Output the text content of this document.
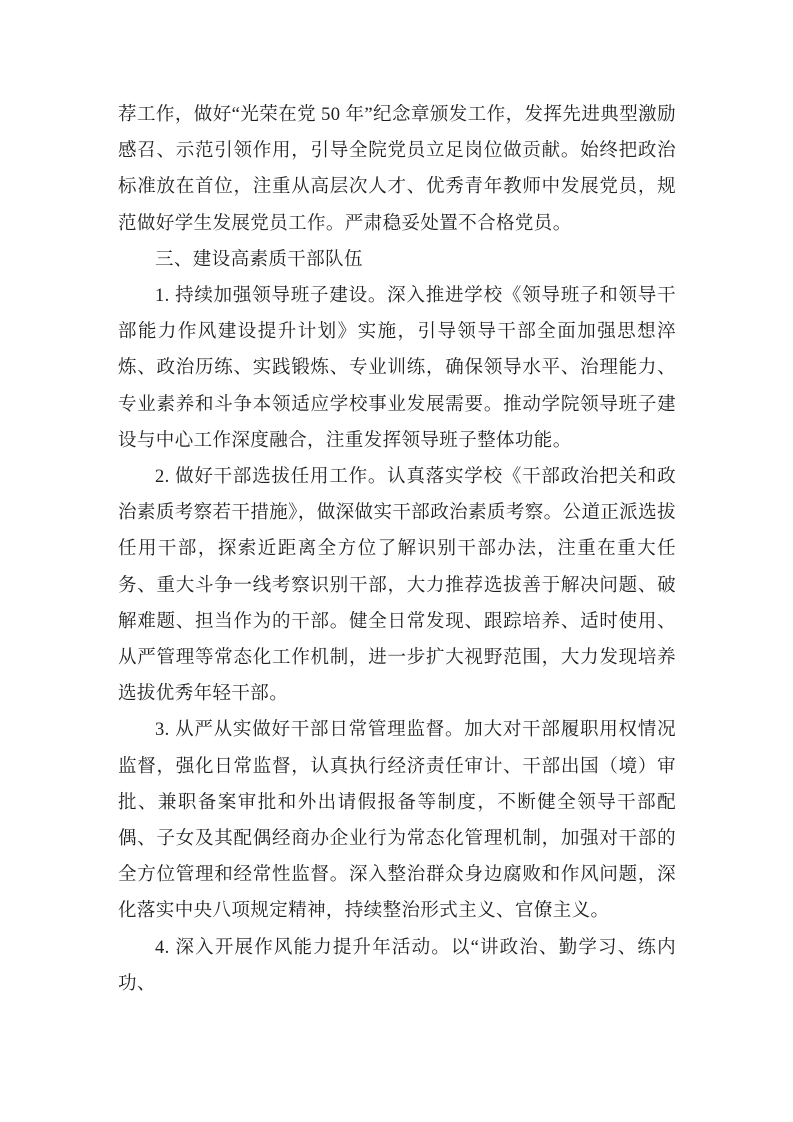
荐工作，做好“光荣在党 50 年”纪念章颁发工作，发挥先进典型激励感召、示范引领作用，引导全院党员立足岗位做贡献。始终把政治标准放在首位，注重从高层次人才、优秀青年教师中发展党员，规范做好学生发展党员工作。严肃稳妥处置不合格党员。

三、建设高素质干部队伍

1. 持续加强领导班子建设。深入推进学校《领导班子和领导干部能力作风建设提升计划》实施，引导领导干部全面加强思想淬炼、政治历练、实践锻炼、专业训练，确保领导水平、治理能力、专业素养和斗争本领适应学校事业发展需要。推动学院领导班子建设与中心工作深度融合，注重发挥领导班子整体功能。

2. 做好干部选拔任用工作。认真落实学校《干部政治把关和政治素质考察若干措施》，做深做实干部政治素质考察。公道正派选拔任用干部，探索近距离全方位了解识别干部办法，注重在重大任务、重大斗争一线考察识别干部，大力推荐选拔善于解决问题、破解难题、担当作为的干部。健全日常发现、跟踪培养、适时使用、从严管理等常态化工作机制，进一步扩大视野范围，大力发现培养选拔优秀年轻干部。

3. 从严从实做好干部日常管理监督。加大对干部履职用权情况监督，强化日常监督，认真执行经济责任审计、干部出国（境）审批、兼职备案审批和外出请假报备等制度，不断健全领导干部配偶、子女及其配偶经商办企业行为常态化管理机制，加强对干部的全方位管理和经常性监督。深入整治群众身边腐败和作风问题，深化落实中央八项规定精神，持续整治形式主义、官僚主义。

4. 深入开展作风能力提升年活动。以“讲政治、勤学习、练内功、
